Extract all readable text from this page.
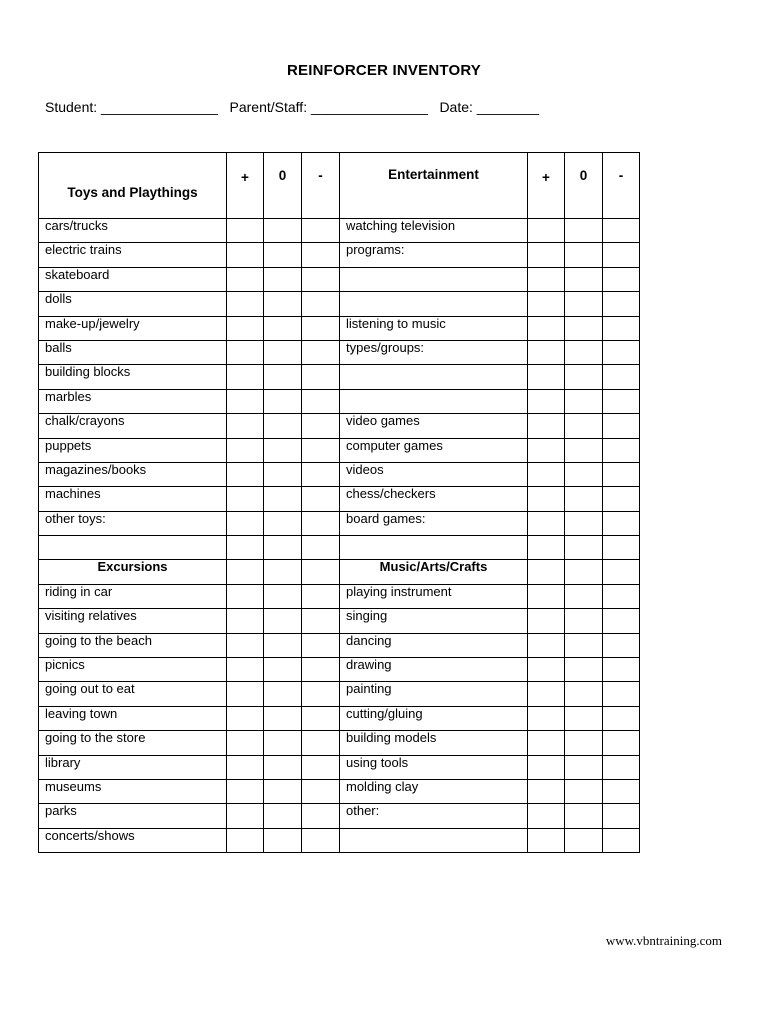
REINFORCER INVENTORY
Student: _______________ Parent/Staff: _______________ Date: ________
Toys and Playthings	+	0	-	Entertainment	+	0	-
cars/trucks				watching television			
electric trains				programs:			
skateboard							
dolls							
make-up/jewelry				listening to music			
balls				types/groups:			
building blocks							
marbles							
chalk/crayons				video games			
puppets				computer games			
magazines/books				videos			
machines				chess/checkers			
other toys:				board games:			

Excursions				Music/Arts/Crafts			
riding in car				playing instrument			
visiting relatives				singing			
going to the beach				dancing			
picnics				drawing			
going out to eat				painting			
leaving town				cutting/gluing			
going to the store				building models			
library				using tools			
museums				molding clay			
parks				other:			
concerts/shows							
www.vbntraining.com
